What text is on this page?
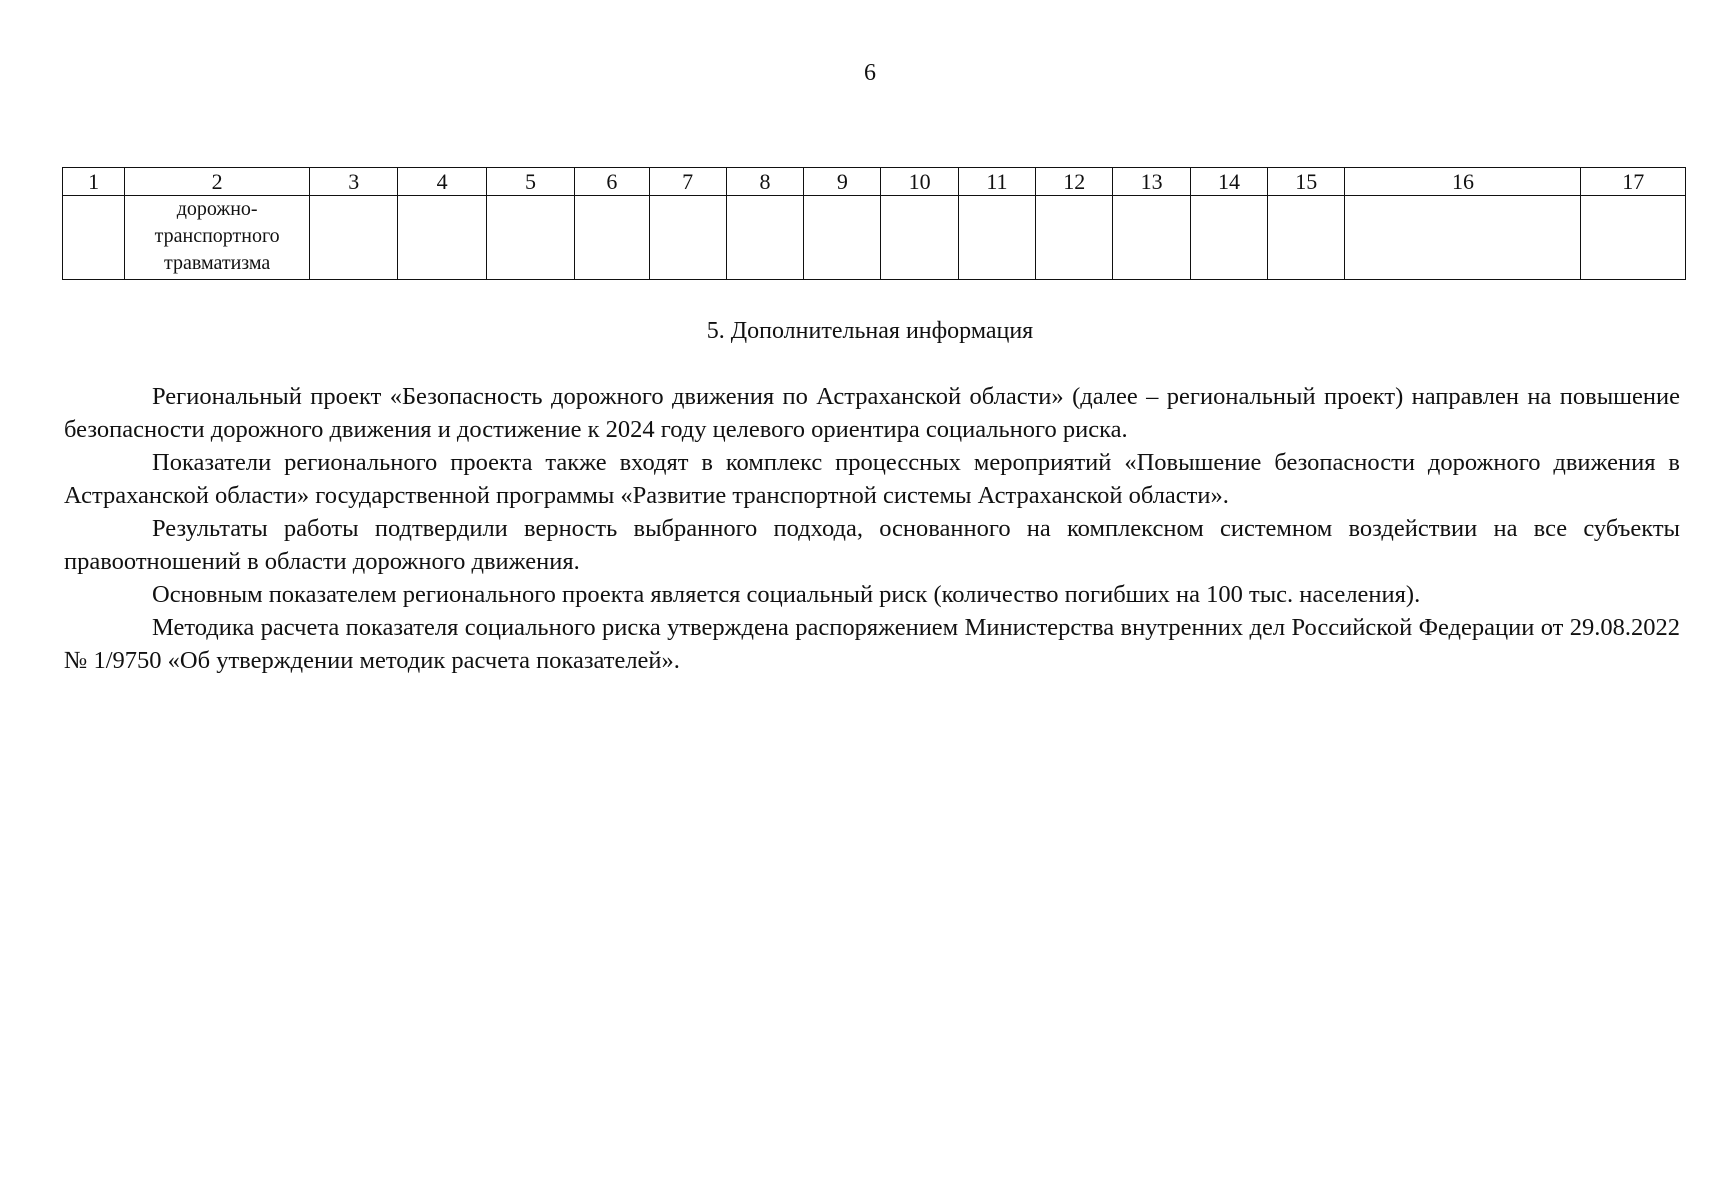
6
1	2	3	4	5	6	7	8	9	10	11	12	13	14	15	16	17

	дорожно-
транспортного
травматизма															

5. Дополнительная информация

Региональный проект «Безопасность дорожного движения по Астраханской области» (далее – региональный проект) направлен на повышение безопасности дорожного движения и достижение к 2024 году целевого ориентира социального риска.

Показатели регионального проекта также входят в комплекс процессных мероприятий «Повышение безопасности дорожного движения в Астраханской области» государственной программы «Развитие транспортной системы Астраханской области».

Результаты работы подтвердили верность выбранного подхода, основанного на комплексном системном воздействии на все субъекты правоотношений в области дорожного движения.

Основным показателем регионального проекта является социальный риск (количество погибших на 100 тыс. населения).

Методика расчета показателя социального риска утверждена распоряжением Министерства внутренних дел Российской Федерации от 29.08.2022 № 1/9750 «Об утверждении методик расчета показателей».
